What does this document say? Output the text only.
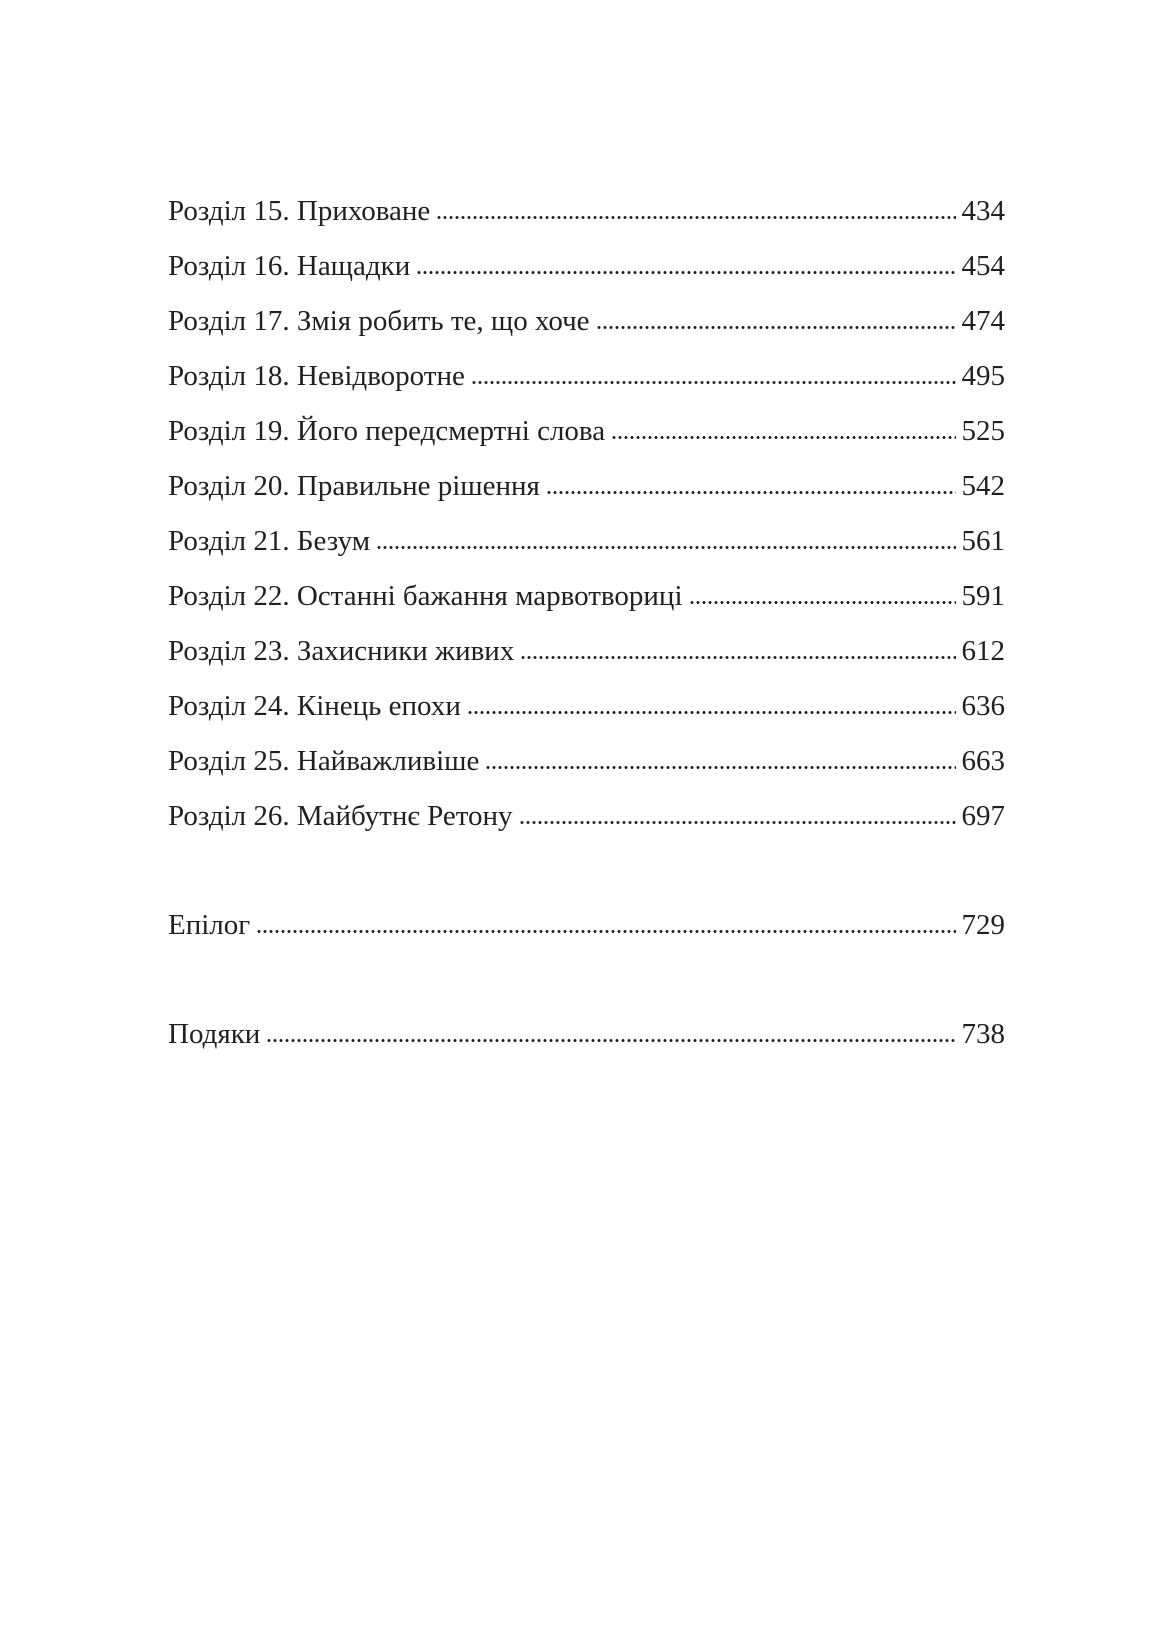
Розділ 15. Приховане	434
Розділ 16. Нащадки	454
Розділ 17. Змія робить те, що хоче	474
Розділ 18. Невідворотне	495
Розділ 19. Його передсмертні слова	525
Розділ 20. Правильне рішення	542
Розділ 21. Безум	561
Розділ 22. Останні бажання марвотвориці	591
Розділ 23. Захисники живих	612
Розділ 24. Кінець епохи	636
Розділ 25. Найважливіше	663
Розділ 26. Майбутнє Ретону	697
Епілог	729
Подяки	738
